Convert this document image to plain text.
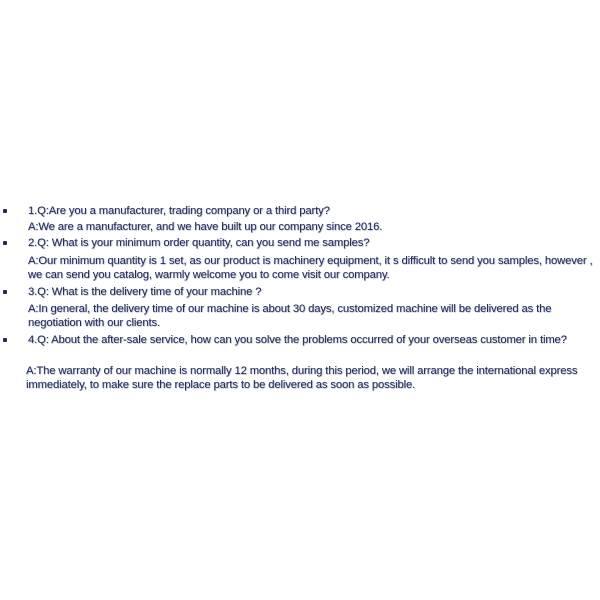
1.Q:Are you a manufacturer, trading company or a third party?
A:We are a manufacturer, and we have built up our company since 2016.
2.Q: What is your minimum order quantity, can you send me samples?
A:Our minimum quantity is 1 set, as our product is machinery equipment, it s difficult to send you samples, however , we can send you catalog, warmly welcome you to come visit our company.
3.Q: What is the delivery time of your machine ?
A:In general, the delivery time of our machine is about 30 days, customized machine will be delivered as the negotiation with our clients.
4.Q: About the after-sale service, how can you solve the problems occurred of your overseas customer in time?
A:The warranty of our machine is normally 12 months, during this period, we will arrange the international express immediately, to make sure the replace parts to be delivered as soon as possible.
